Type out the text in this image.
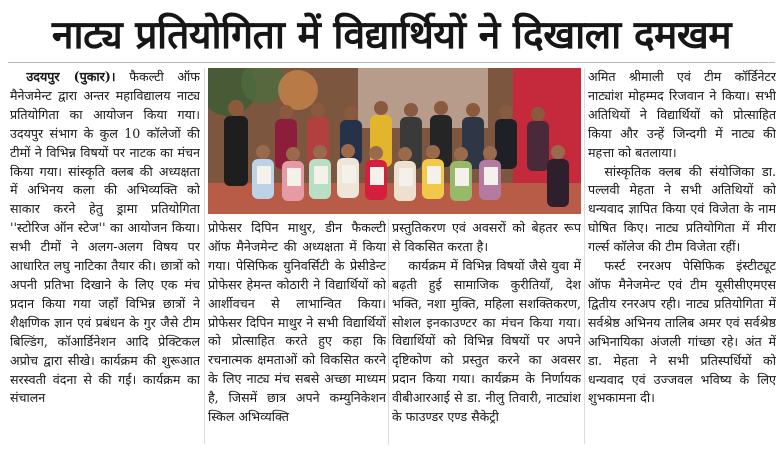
नाट्य प्रतियोगिता में विद्यार्थियों ने दिखाला दमखम

उदयपुर (पुकार)। फैकल्टी ऑफ मैनेजमेन्ट द्वारा अन्तर महाविद्यालय नाट्य प्रतियोगिता का आयोजन किया गया। उदयपुर संभाग के कुल 10 कॉलेजों की टीमों ने विभिन्न विषयों पर नाटक का मंचन किया गया। सांस्कृति क्लब की अध्यक्षता में अभिनय कला की अभिव्यक्ति को साकार करने हेतु ड्रामा प्रतियोगिता ''स्टोरिज ऑन स्टेज'' का आयोजन किया। सभी टीमों ने अलग-अलग विषय पर आधारित लघु नाटिका तैयार की। छात्रों को अपनी प्रतिभा दिखाने के लिए एक मंच प्रदान किया गया जहाँ विभिन्न छात्रों ने शैक्षणिक ज्ञान एवं प्रबंधन के गुर जैसे टीम बिल्डिंग, कॉआर्डिनेशन आदि प्रेक्टिकल अप्रोच द्वारा सीखे। कार्यक्रम की शुरूआत सरस्वती वंदना से की गई। कार्यक्रम का संचालन

प्रोफेसर दिपिन माथुर, डीन फैकल्टी ऑफ मैनेजमेन्ट की अध्यक्षता में किया गया। पेसिफिक युनिवर्सिटी के प्रेसीडेन्ट प्रोफेसर हेमन्त कोठारी ने विद्यार्थियों को आर्शीवचन से लाभान्वित किया। प्रोफेसर दिपिन माथुर ने सभी विद्यार्थियों को प्रोत्साहित करते हुए कहा कि रचनात्मक क्षमताओं को विकसित करने के लिए नाट्य मंच सबसे अच्छा माध्यम है, जिसमें छात्र अपने कम्युनिकेशन स्किल अभिव्यक्ति

प्रस्तुतिकरण एवं अवसरों को बेहतर रूप से विकसित करता है।

कार्यक्रम में विभिन्न विषयों जैसे युवा में बढ़ती हुई सामाजिक कुरीतियाँ, देश भक्ति, नशा मुक्ति, महिला सशक्तिकरण, सोशल इनकाउण्टर का मंचन किया गया। विद्यार्थियों को विभिन्न विषयों पर अपने दृष्टिकोण को प्रस्तुत करने का अवसर प्रदान किया गया। कार्यक्रम के निर्णायक वीबीआरआई से डा. नीलु तिवारी, नाट्यांश के फाउण्डर एण्ड सैकेट्री

अमित श्रीमाली एवं टीम कॉर्डिनेटर नाट्यांश मोहम्मद रिजवान ने किया। सभी अतिथियों ने विद्यार्थियों को प्रोत्साहित किया और उन्हें जिन्दगी में नाट्य की महत्ता को बतलाया।

सांस्कृतिक क्लब की संयोजिका डा. पल्लवी मेहता ने सभी अतिथियों को धन्यवाद ज्ञापित किया एवं विजेता के नाम घोषित किए। नाट्य प्रतियोगिता में मीरा गर्ल्स कॉलेज की टीम विजेता रहीं।

फर्स्ट रनरअप पेसिफिक इंस्टीट्यूट ऑफ मैनेजमेन्ट एवं टीम यूसीसीएमएस द्वितीय रनरअप रही। नाट्य प्रतियोगिता में सर्वश्रेष्ठ अभिनय तालिब अमर एवं सर्वश्रेष्ठ अभिनायिका अंजली गांच्छा रहे। अंत में डा. मेहता ने सभी प्रतिस्पर्धियों को धन्यवाद एवं उज्जवल भविष्य के लिए शुभकामना दी।
